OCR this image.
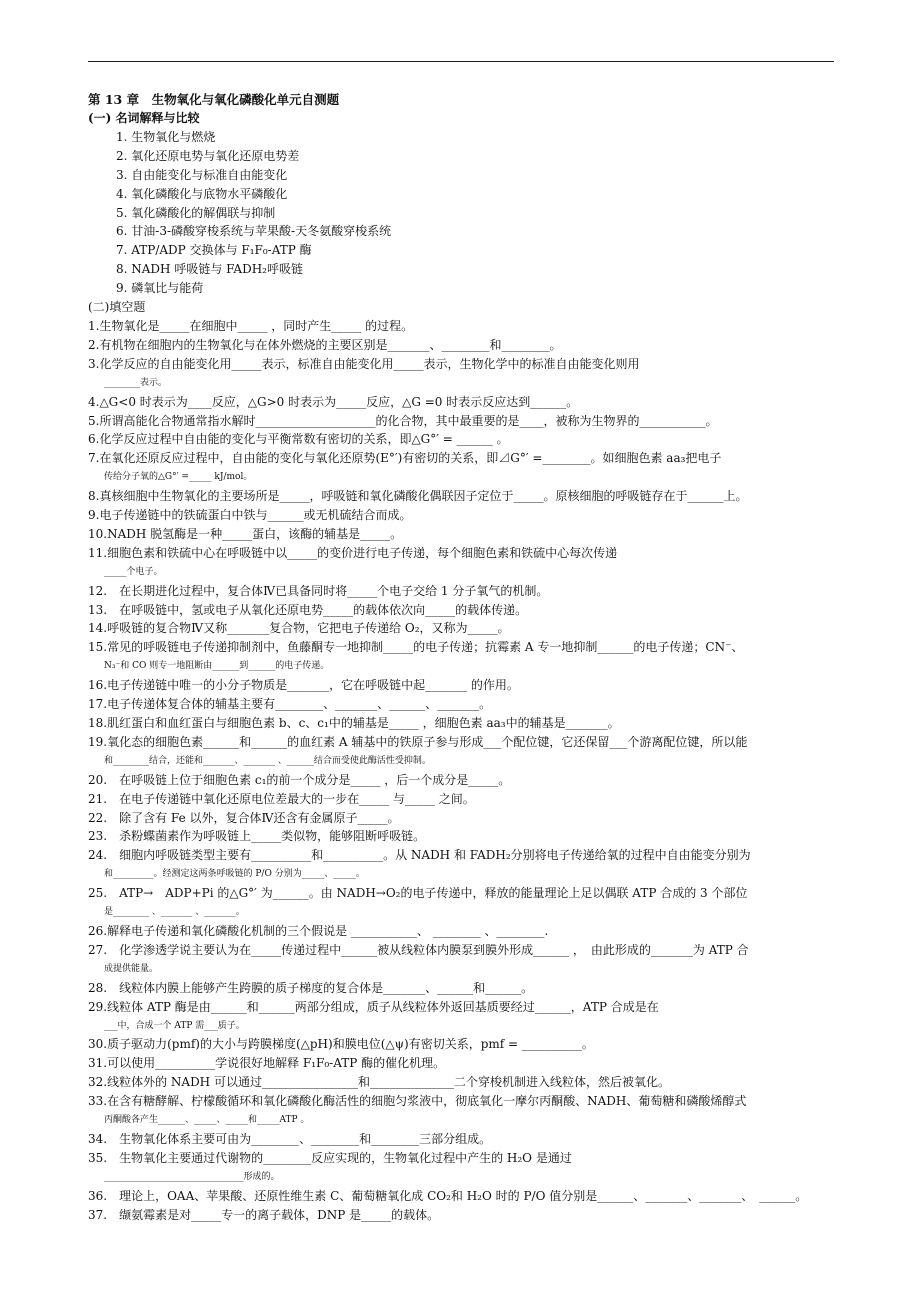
第 13 章　生物氧化与氧化磷酸化单元自测题
(一) 名词解释与比较
1. 生物氧化与燃烧
2. 氧化还原电势与氧化还原电势差
3. 自由能变化与标准自由能变化
4. 氧化磷酸化与底物水平磷酸化
5. 氧化磷酸化的解偶联与抑制
6. 甘油-3-磷酸穿梭系统与苹果酸-天冬氨酸穿梭系统
7. ATP/ADP 交换体与 F₁F₀-ATP 酶
8. NADH 呼吸链与 FADH₂呼吸链
9. 磷氧比与能荷
(二)填空题
1.生物氧化是_____在细胞中_____ ，同时产生_____ 的过程。
2.有机物在细胞内的生物氧化与在体外燃烧的主要区别是_______、________和________。
3.化学反应的自由能变化用_____表示，标准自由能变化用_____表示，生物化学中的标准自由能变化则用
________表示。
4.△G<0 时表示为____反应，△G>0 时表示为_____反应，△G =0 时表示反应达到______。
5.所谓高能化合物通常指水解时____________________的化合物，其中最重要的是____，被称为生物界的___________。
6.化学反应过程中自由能的变化与平衡常数有密切的关系，即△G°′ = ______ 。
7.在氧化还原反应过程中，自由能的变化与氧化还原势(E°′)有密切的关系，即⊿G°′ =________。如细胞色素 aa₃把电子
传给分子氧的△G°′ =_____ kJ/mol。
8.真核细胞中生物氧化的主要场所是_____，呼吸链和氧化磷酸化偶联因子定位于_____。原核细胞的呼吸链存在于______上。
9.电子传递链中的铁硫蛋白中铁与______或无机硫结合而成。
10.NADH 脱氢酶是一种_____蛋白，该酶的辅基是_____。
11.细胞色素和铁硫中心在呼吸链中以_____的变价进行电子传递，每个细胞色素和铁硫中心每次传递
_____个电子。
12.　在长期进化过程中，复合体Ⅳ已具备同时将_____个电子交给 1 分子氧气的机制。
13.　在呼吸链中，氢或电子从氧化还原电势_____的载体依次向_____的载体传递。
14.呼吸链的复合物Ⅳ又称_______复合物，它把电子传递给 O₂，又称为_____。
15.常见的呼吸链电子传递抑制剂中，鱼藤酮专一地抑制_____的电子传递；抗霉素 A 专一地抑制______的电子传递；CN⁻、
N₃⁻和 CO 则专一地阻断由______到______的电子传递。
16.电子传递链中唯一的小分子物质是_______，它在呼吸链中起_______ 的作用。
17.电子传递体复合体的辅基主要有________、_______、______、_______。
18.肌红蛋白和血红蛋白与细胞色素 b、c、c₁中的辅基是_____ ，细胞色素 aa₃中的辅基是_______。
19.氧化态的细胞色素______和______的血红素 A 辅基中的铁原子参与形成___个配位键，它还保留___个游离配位键，所以能
和________结合，还能和_______、_______ 、______结合而受使此酶活性受抑制。
20.　在呼吸链上位于细胞色素 c₁的前一个成分是_____ ，后一个成分是_____。
21.　在电子传递链中氧化还原电位差最大的一步在_____ 与_____ 之间。
22.　除了含有 Fe 以外，复合体Ⅳ还含有金属原子_____。
23.　杀粉蝶菌素作为呼吸链上_____类似物，能够阻断呼吸链。
24.　细胞内呼吸链类型主要有__________和__________。从 NADH 和 FADH₂分别将电子传递给氧的过程中自由能变分别为
和_________。经测定这两条呼吸链的 P/O 分别为_____、_____。
25.　ATP→　ADP+Pi 的△G°′ 为______。由 NADH→O₂的电子传递中，释放的能量理论上足以偶联 ATP 合成的 3 个部位
是________ 、_______ 、_______。
26.解释电子传递和氧化磷酸化机制的三个假说是 ___________、 ________ 、________.
27.　化学渗透学说主要认为在_____传递过程中______被从线粒体内膜泵到膜外形成______ ，　由此形成的_______为 ATP 合
成提供能量。
28.　线粒体内膜上能够产生跨膜的质子梯度的复合体是_______、______和______。
29.线粒体 ATP 酶是由______和______两部分组成，质子从线粒体外返回基质要经过______，ATP 合成是在
___中，合成一个 ATP 需___质子。
30.质子驱动力(pmf)的大小与跨膜梯度(△pH)和膜电位(△ψ)有密切关系，pmf = __________。
31.可以使用__________学说很好地解释 F₁F₀-ATP 酶的催化机理。
32.线粒体外的 NADH 可以通过________________和______________二个穿梭机制进入线粒体，然后被氧化。
33.在含有糖酵解、柠檬酸循环和氧化磷酸化酶活性的细胞匀浆液中，彻底氧化一摩尔丙酮酸、NADH、葡萄糖和磷酸烯醇式
丙酮酸各产生______、_____、_____和_____ATP 。
34.　生物氧化体系主要可由为________、________和________三部分组成。
35.　生物氧化主要通过代谢物的________反应实现的，生物氧化过程中产生的 H₂O 是通过
_______________________________形成的。
36.　理论上，OAA、苹果酸、还原性维生素 C、葡萄糖氧化成 CO₂和 H₂O 时的 P/O 值分别是______、_______、_______、　______。
37.　缬氨霉素是对_____专一的离子载体，DNP 是_____的载体。
